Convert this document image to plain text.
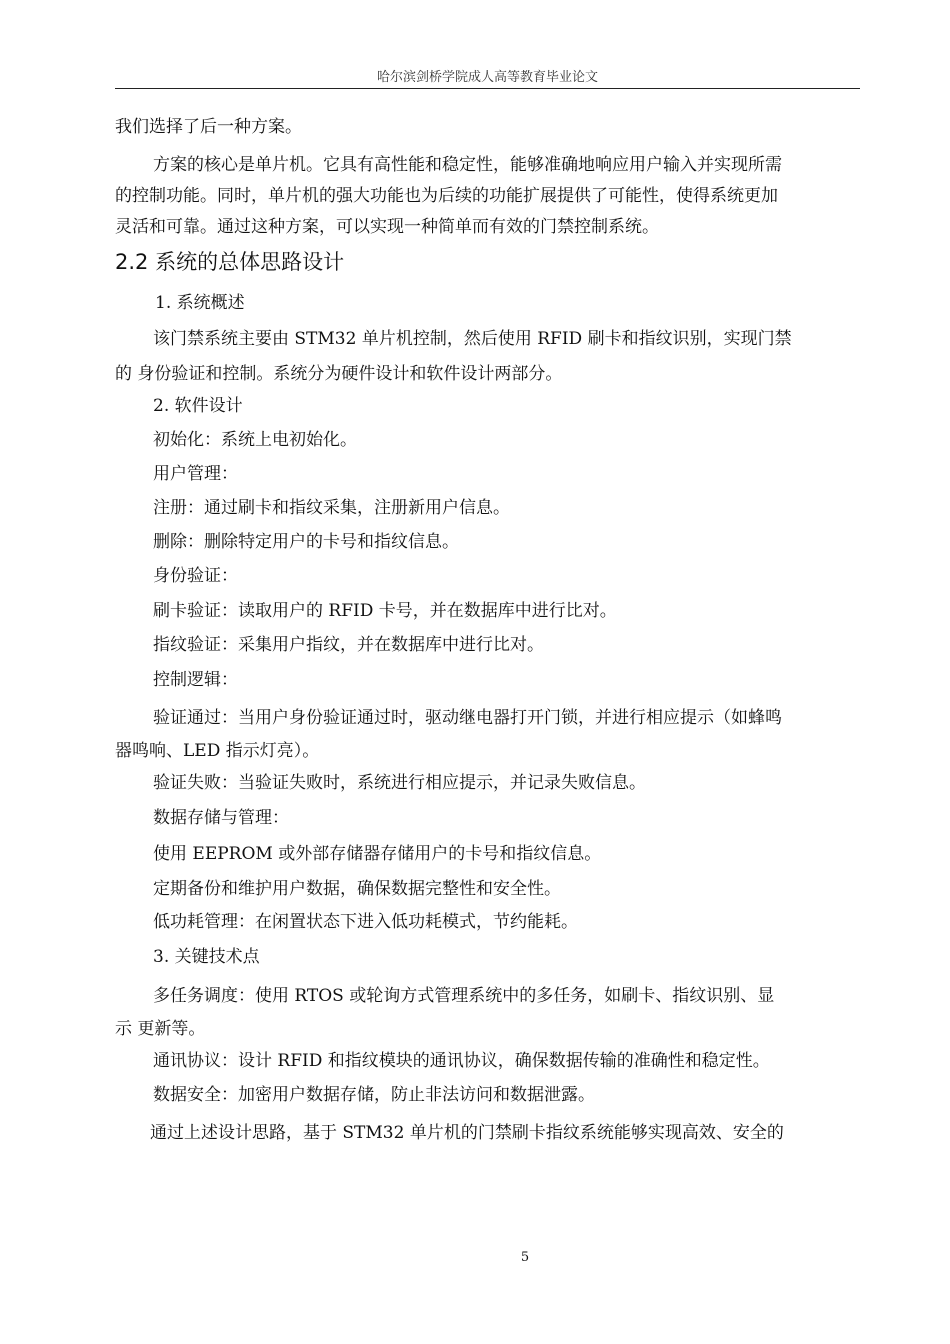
哈尔滨剑桥学院成人高等教育毕业论文
我们选择了后一种方案。
方案的核心是单片机。它具有高性能和稳定性，能够准确地响应用户输入并实现所需
的控制功能。同时，单片机的强大功能也为后续的功能扩展提供了可能性，使得系统更加
灵活和可靠。通过这种方案，可以实现一种简单而有效的门禁控制系统。
2.2 系统的总体思路设计
1. 系统概述
该门禁系统主要由 STM32 单片机控制，然后使用 RFID 刷卡和指纹识别，实现门禁
的 身份验证和控制。系统分为硬件设计和软件设计两部分。
2. 软件设计
初始化：系统上电初始化。
用户管理：
注册：通过刷卡和指纹采集，注册新用户信息。
删除：删除特定用户的卡号和指纹信息。
身份验证：
刷卡验证：读取用户的 RFID 卡号，并在数据库中进行比对。
指纹验证：采集用户指纹，并在数据库中进行比对。
控制逻辑：
验证通过：当用户身份验证通过时，驱动继电器打开门锁，并进行相应提示（如蜂鸣
器鸣响、LED 指示灯亮）。
验证失败：当验证失败时，系统进行相应提示，并记录失败信息。
数据存储与管理：
使用 EEPROM 或外部存储器存储用户的卡号和指纹信息。
定期备份和维护用户数据，确保数据完整性和安全性。
低功耗管理：在闲置状态下进入低功耗模式，节约能耗。
3. 关键技术点
多任务调度：使用 RTOS 或轮询方式管理系统中的多任务，如刷卡、指纹识别、显
示 更新等。
通讯协议：设计 RFID 和指纹模块的通讯协议，确保数据传输的准确性和稳定性。
数据安全：加密用户数据存储，防止非法访问和数据泄露。
通过上述设计思路，基于 STM32 单片机的门禁刷卡指纹系统能够实现高效、安全的
5
